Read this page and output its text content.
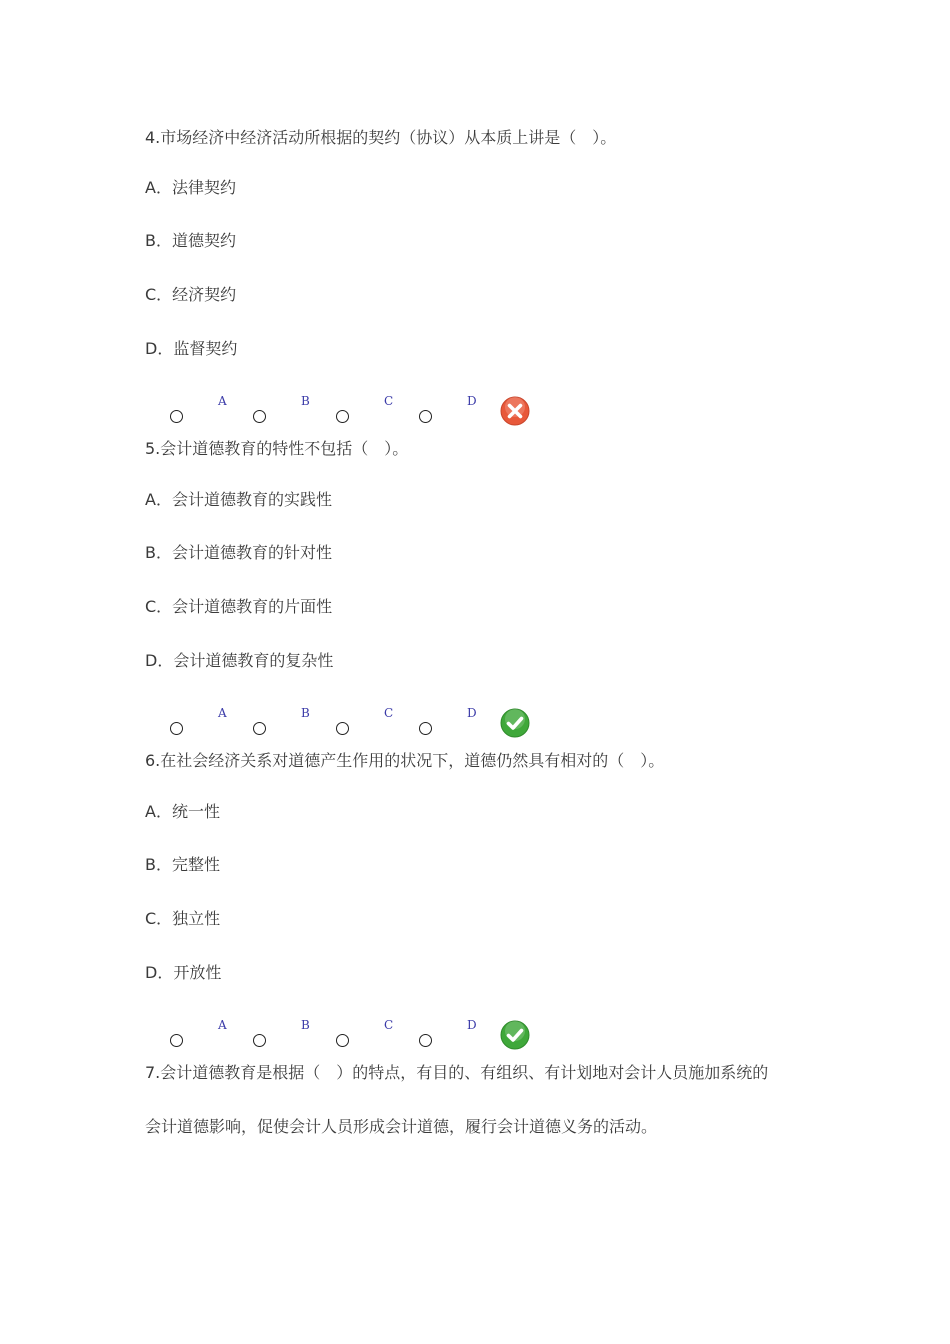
4.市场经济中经济活动所根据的契约（协议）从本质上讲是（　）。
A．法律契约
B．道德契约
C．经济契约
D．监督契约
A	B	C	D
5.会计道德教育的特性不包括（　）。
A．会计道德教育的实践性
B．会计道德教育的针对性
C．会计道德教育的片面性
D．会计道德教育的复杂性
A	B	C	D
6.在社会经济关系对道德产生作用的状况下，道德仍然具有相对的（　）。
A．统一性
B．完整性
C．独立性
D．开放性
A	B	C	D
7.会计道德教育是根据（　）的特点，有目的、有组织、有计划地对会计人员施加系统的
会计道德影响，促使会计人员形成会计道德，履行会计道德义务的活动。
